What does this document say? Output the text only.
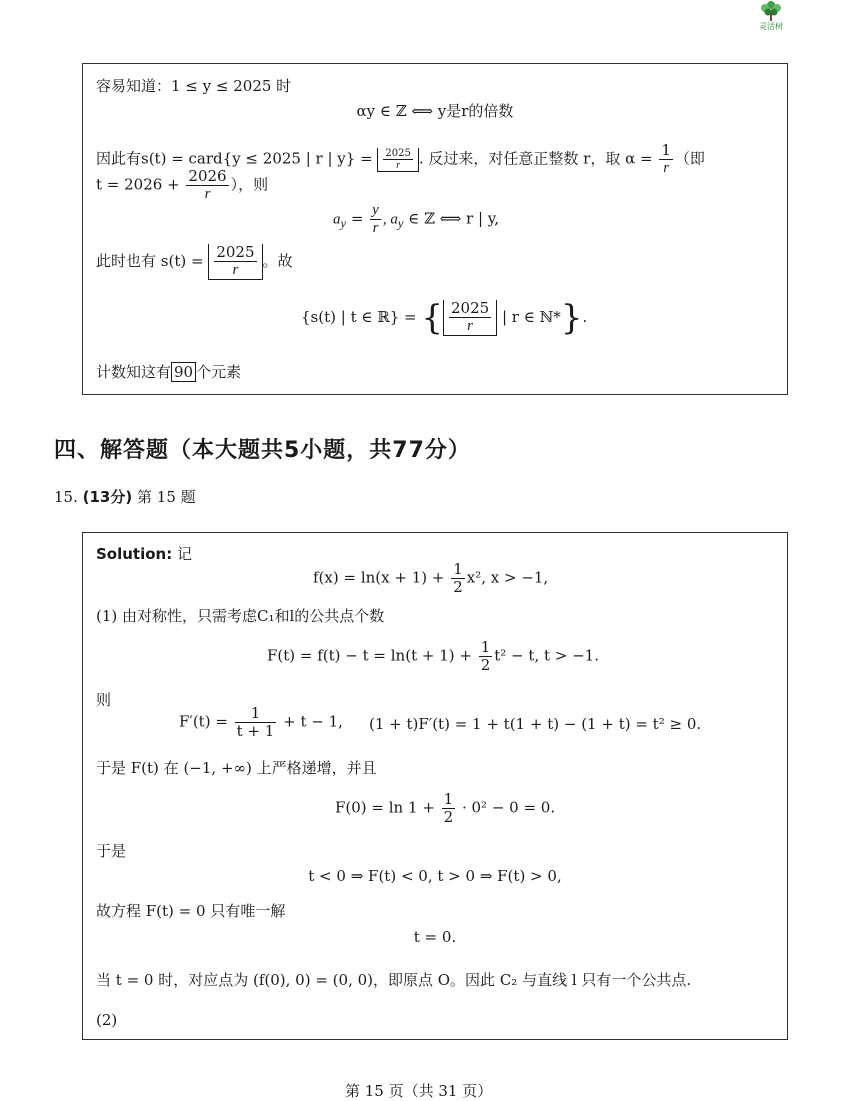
灵活树
容易知道：1 ≤ y ≤ 2025 时
αy ∈ ℤ ⟺ y是r的倍数
因此有s(t) = card{y ≤ 2025 | r | $y\} = \frac{2025}{r}$ . 反过来，对任意正整数 r，取 $\alpha = \frac{1}{r}$ （即
$t = 2026 + \frac{2026}{r}$ ），则
$a_y = \frac{y}{r}$ , $a_y$ ∈ ℤ ⟺ r | y,
此时也有 $s(t) = \frac{2025}{r}$ 。故
{s(t) | t ∈ ℝ} = { $\frac{2025}{r}$ | r ∈ ℕ*}.
计数知这有 90 个元素
四、解答题（本大题共5小题，共77分）
15. (13分) 第 15 题
Solution: 记
$f(x) = \ln(x + 1) + \frac{1}{2} x^2$, x > −1,
(1) 由对称性，只需考虑C₁和l的公共点个数
$F(t) = f(t) - t = \ln(t + 1) + \frac{1}{2} t^2 - t$, t > −1.
则
$F'(t) = \frac{1}{t + 1} + t - 1$, (1 + t)F′(t) = 1 + t(1 + t) − (1 + t) = t² ≥ 0.
于是 F(t) 在 (−1, +∞) 上严格递增，并且
$F(0) = \ln 1 + \frac{1}{2} \cdot 0^2 - 0 = 0$.
于是
t < 0 ⇒ F(t) < 0, t > 0 ⇒ F(t) > 0,
故方程 F(t) = 0 只有唯一解
t = 0.
当 t = 0 时，对应点为 (f(0), 0) = (0, 0)，即原点 O。因此 C₂ 与直线 l 只有一个公共点.
(2)
第 15 页（共 31 页）
